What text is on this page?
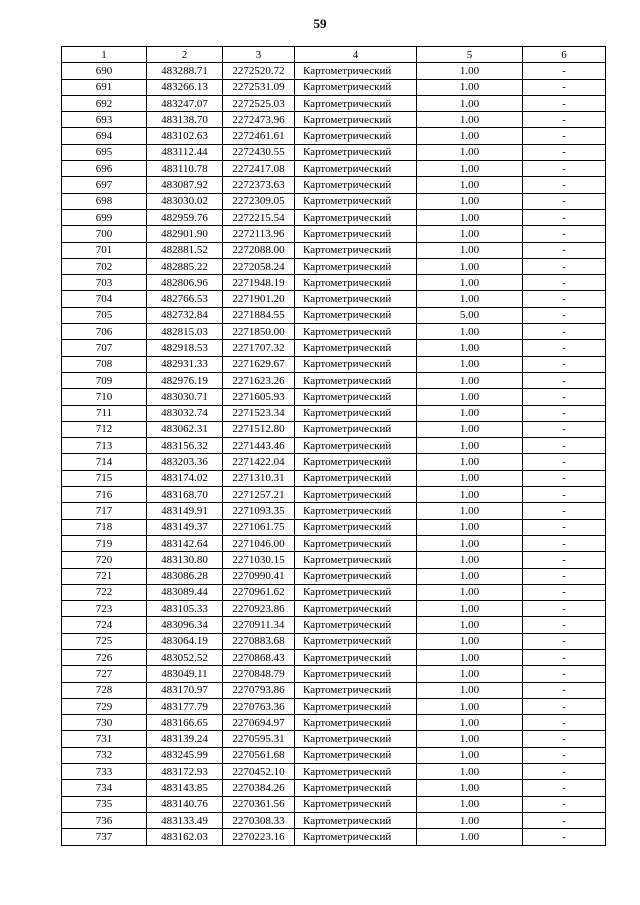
59
1	2	3	4	5	6
690	483288.71	2272520.72	Картометрический	1.00	-
691	483266.13	2272531.09	Картометрический	1.00	-
692	483247.07	2272525.03	Картометрический	1.00	-
693	483138.70	2272473.96	Картометрический	1.00	-
694	483102.63	2272461.61	Картометрический	1.00	-
695	483112.44	2272430.55	Картометрический	1.00	-
696	483110.78	2272417.08	Картометрический	1.00	-
697	483087.92	2272373.63	Картометрический	1.00	-
698	483030.02	2272309.05	Картометрический	1.00	-
699	482959.76	2272215.54	Картометрический	1.00	-
700	482901.90	2272113.96	Картометрический	1.00	-
701	482881.52	2272088.00	Картометрический	1.00	-
702	482885.22	2272058.24	Картометрический	1.00	-
703	482806.96	2271948.19	Картометрический	1.00	-
704	482766.53	2271901.20	Картометрический	1.00	-
705	482732.84	2271884.55	Картометрический	5.00	-
706	482815.03	2271850.00	Картометрический	1.00	-
707	482918.53	2271707.32	Картометрический	1.00	-
708	482931.33	2271629.67	Картометрический	1.00	-
709	482976.19	2271623.26	Картометрический	1.00	-
710	483030.71	2271605.93	Картометрический	1.00	-
711	483032.74	2271523.34	Картометрический	1.00	-
712	483062.31	2271512.80	Картометрический	1.00	-
713	483156.32	2271443.46	Картометрический	1.00	-
714	483203.36	2271422.04	Картометрический	1.00	-
715	483174.02	2271310.31	Картометрический	1.00	-
716	483168.70	2271257.21	Картометрический	1.00	-
717	483149.91	2271093.35	Картометрический	1.00	-
718	483149.37	2271061.75	Картометрический	1.00	-
719	483142.64	2271046.00	Картометрический	1.00	-
720	483130.80	2271030.15	Картометрический	1.00	-
721	483086.28	2270990.41	Картометрический	1.00	-
722	483089.44	2270961.62	Картометрический	1.00	-
723	483105.33	2270923.86	Картометрический	1.00	-
724	483096.34	2270911.34	Картометрический	1.00	-
725	483064.19	2270883.68	Картометрический	1.00	-
726	483052.52	2270868.43	Картометрический	1.00	-
727	483049.11	2270848.79	Картометрический	1.00	-
728	483170.97	2270793.86	Картометрический	1.00	-
729	483177.79	2270763.36	Картометрический	1.00	-
730	483166.65	2270694.97	Картометрический	1.00	-
731	483139.24	2270595.31	Картометрический	1.00	-
732	483245.99	2270561.68	Картометрический	1.00	-
733	483172.93	2270452.10	Картометрический	1.00	-
734	483143.85	2270384.26	Картометрический	1.00	-
735	483140.76	2270361.56	Картометрический	1.00	-
736	483133.49	2270308.33	Картометрический	1.00	-
737	483162.03	2270223.16	Картометрический	1.00	-
